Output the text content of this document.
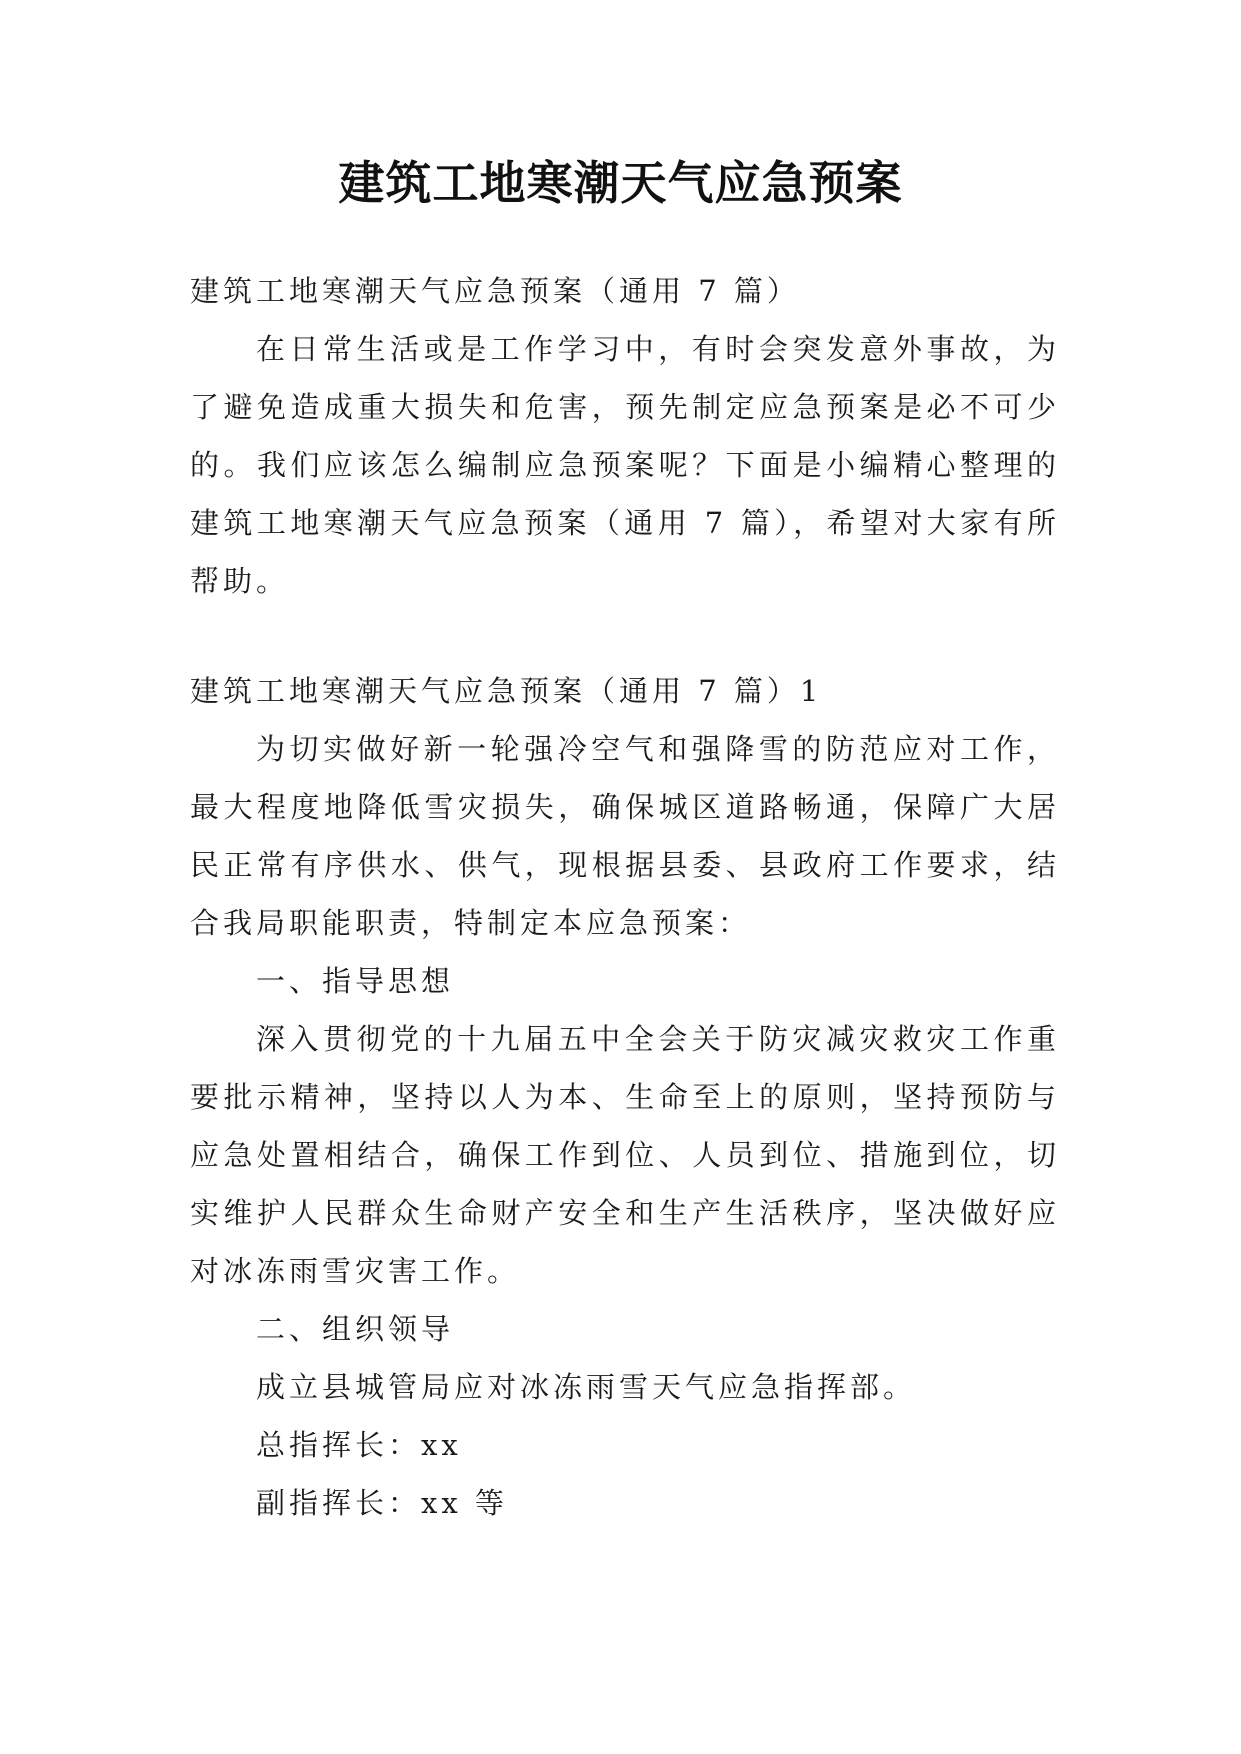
建筑工地寒潮天气应急预案

建筑工地寒潮天气应急预案（通用 7 篇）

在日常生活或是工作学习中，有时会突发意外事故，为了避免造成重大损失和危害，预先制定应急预案是必不可少的。我们应该怎么编制应急预案呢？下面是小编精心整理的建筑工地寒潮天气应急预案（通用 7 篇），希望对大家有所帮助。

建筑工地寒潮天气应急预案（通用 7 篇）1

为切实做好新一轮强冷空气和强降雪的防范应对工作，最大程度地降低雪灾损失，确保城区道路畅通，保障广大居民正常有序供水、供气，现根据县委、县政府工作要求，结合我局职能职责，特制定本应急预案：

一、指导思想

深入贯彻党的十九届五中全会关于防灾减灾救灾工作重要批示精神，坚持以人为本、生命至上的原则，坚持预防与应急处置相结合，确保工作到位、人员到位、措施到位，切实维护人民群众生命财产安全和生产生活秩序，坚决做好应对冰冻雨雪灾害工作。

二、组织领导

成立县城管局应对冰冻雨雪天气应急指挥部。

总指挥长：xx

副指挥长：xx 等
